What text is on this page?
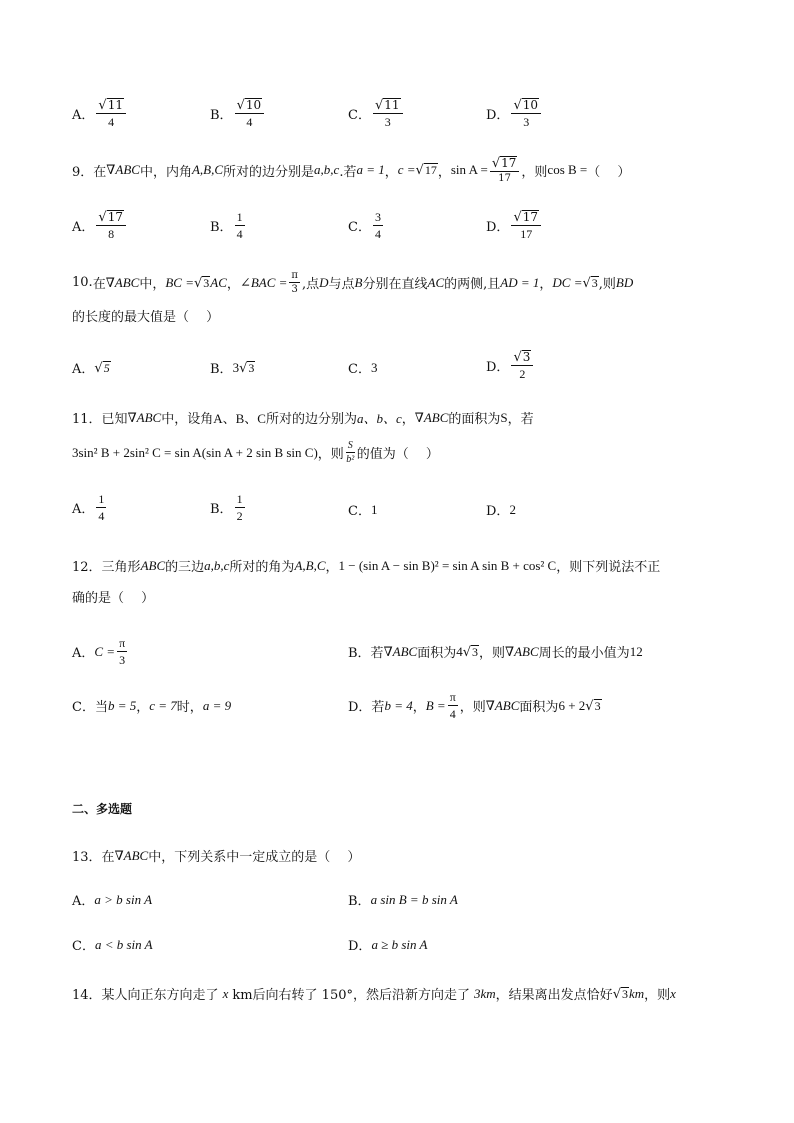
A． $\frac{√ 11}{4}$	B． $\frac{√ 10}{4}$	C． $\frac{√ 11}{3}$	D． $\frac{√ 10}{3}$
9． 在 ∇ABC 中，内角 A,B,C 所对的边分别是 a,b,c .若 a = 1 ， c = √ 17 ， $\sin A = \frac{√ 17}{17}$ ，则 cos B = （　 ）
A． $\frac{√ 17}{8}$	B． $\frac{1}{4}$	C． $\frac{3}{4}$	D． $\frac{√ 17}{17}$
10. 在 ∇ABC 中， BC = √ 3 AC ， ∠BAC = $\frac{\pi}{3}$ ,点 D 与点 B 分别在直线 AC 的两侧,且 AD = 1 ， DC = √ 3 ,则 BD
的长度的最大值是（　 ）
A． √ 5	B． 3 √ 3	C． 3	D． $\frac{√ 3}{2}$
11． 已知 ∇ABC 中，设角 A、B、C 所对的边分别为 a、b、c ， ∇ABC 的面积为 S ，若
3sin² B + 2sin² C = sin A(sin A + 2 sin B sin C) ，则 $\frac{S}{\text{b²}}$ 的值为（　 ）
A． $\frac{1}{4}$	B． $\frac{1}{2}$	C． 1	D． 2
12． 三角形 ABC 的三边 a,b,c 所对的角为 A,B,C ， 1 − (sin A − sin B)² = sin A sin B + cos² C ，则下列说法不正
确的是（　 ）
A． $C = \frac{\pi}{3}$	B．若 ∇ABC 面积为 4 √ 3 ，则 ∇ABC 周长的最小值为 12
C．当 b = 5 ， c = 7 时， a = 9	D．若 b = 4 ， $B = \frac{\pi}{4}$ ，则 ∇ABC 面积为 6 + 2 √ 3
二、多选题
13． 在 ∇ABC 中，下列关系中一定成立的是（　 ）
A． a > b sin A	B． a sin B = b sin A
C． a < b sin A	D． a ≥ b sin A
14． 某人向正东方向走了 x km后向右转了 150°，然后沿新方向走了 3km ，结果离出发点恰好 √ 3 km ，则 x
